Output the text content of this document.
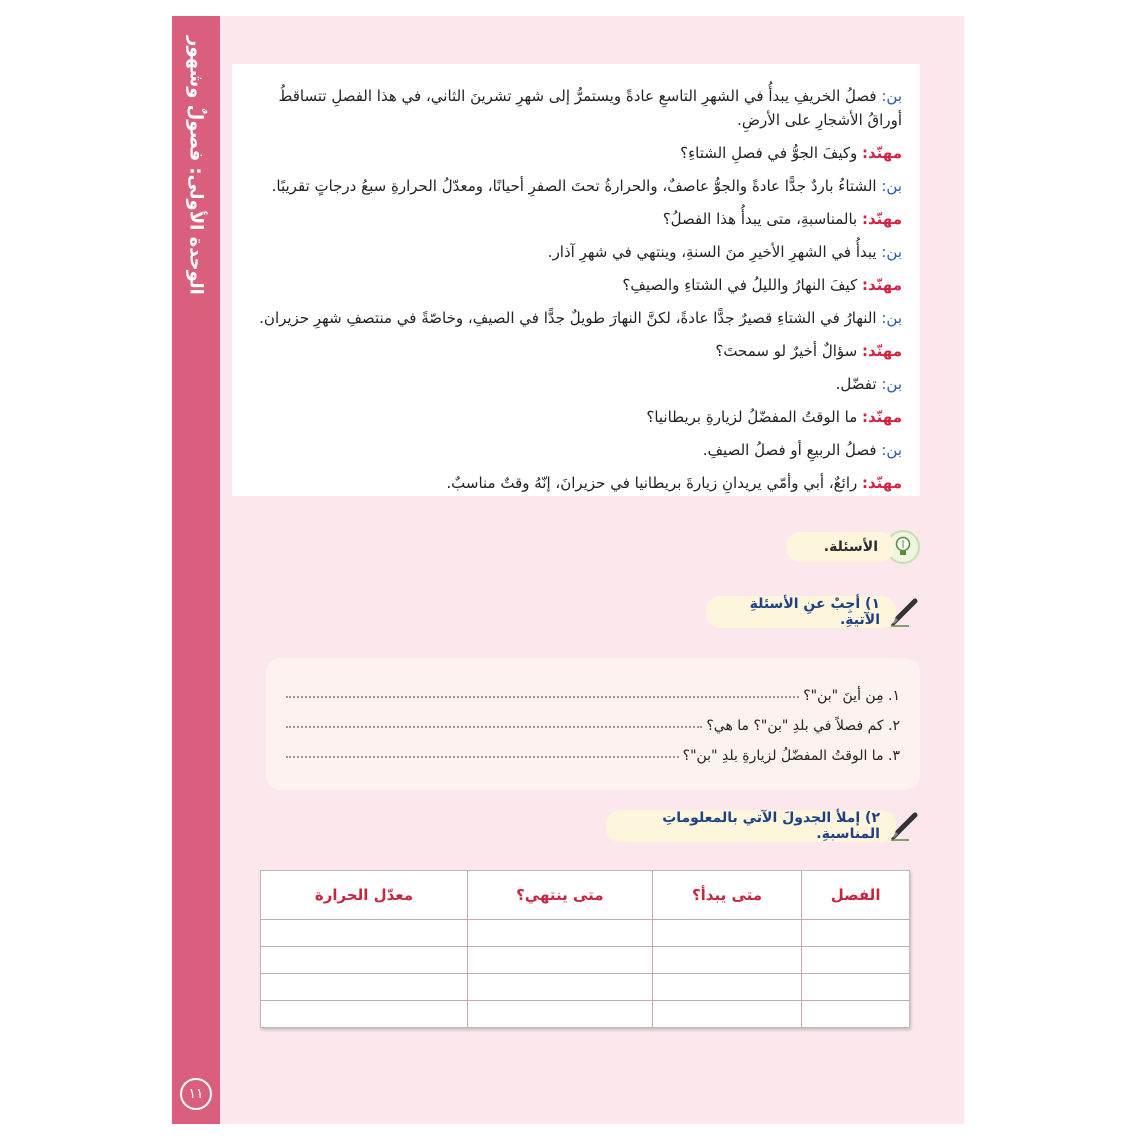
الوحدة الأولى: فصولٌ وشهور
١١
بن: فصلُ الخريفِ يبدأُ في الشهرِ التاسعِ عادةً ويستمرُّ إلى شهرِ تشرينَ الثاني، في هذا الفصلِ تتساقطُ أوراقُ الأشجارِ على الأرضِ.
مهنّد: وكيفَ الجوُّ في فصلِ الشتاءِ؟
بن: الشتاءُ باردٌ جدًّا عادةً والجوُّ عاصفٌ، والحرارةُ تحتَ الصفرِ أحيانًا، ومعدّلُ الحرارةِ سبعُ درجاتٍ تقريبًا.
مهنّد: بالمناسبةِ، متى يبدأُ هذا الفصلُ؟
بن: يبدأُ في الشهرِ الأخيرِ منَ السنةِ، وينتهي في شهرِ آذار.
مهنّد: كيفَ النهارُ والليلُ في الشتاءِ والصيفِ؟
بن: النهارُ في الشتاءِ قصيرٌ جدًّا عادةً، لكنَّ النهارَ طويلٌ جدًّا في الصيفِ، وخاصّةً في منتصفِ شهرِ حزيران.
مهنّد: سؤالٌ أخيرٌ لو سمحتَ؟
بن: تفضّل.
مهنّد: ما الوقتُ المفضّلُ لزيارةِ بريطانيا؟
بن: فصلُ الربيعِ أو فصلُ الصيفِ.
مهنّد: رائعٌ، أبي وأمّي يريدانِ زيارةَ بريطانيا في حزيرانَ، إنّهُ وقتٌ مناسبٌ.
الأسئلة.
١) أجِبْ عنِ الأسئلةِ الآتيةِ.
١. مِن أينَ "بن"؟
٢. كم فصلاً في بلدِ "بن"؟ ما هي؟
٣. ما الوقتُ المفضّلُ لزيارةِ بلدِ "بن"؟
٢) إملأ الجدولَ الآتي بالمعلوماتِ المناسبةِ.
الفصل	متى يبدأ؟	متى ينتهي؟	معدّل الحرارة
